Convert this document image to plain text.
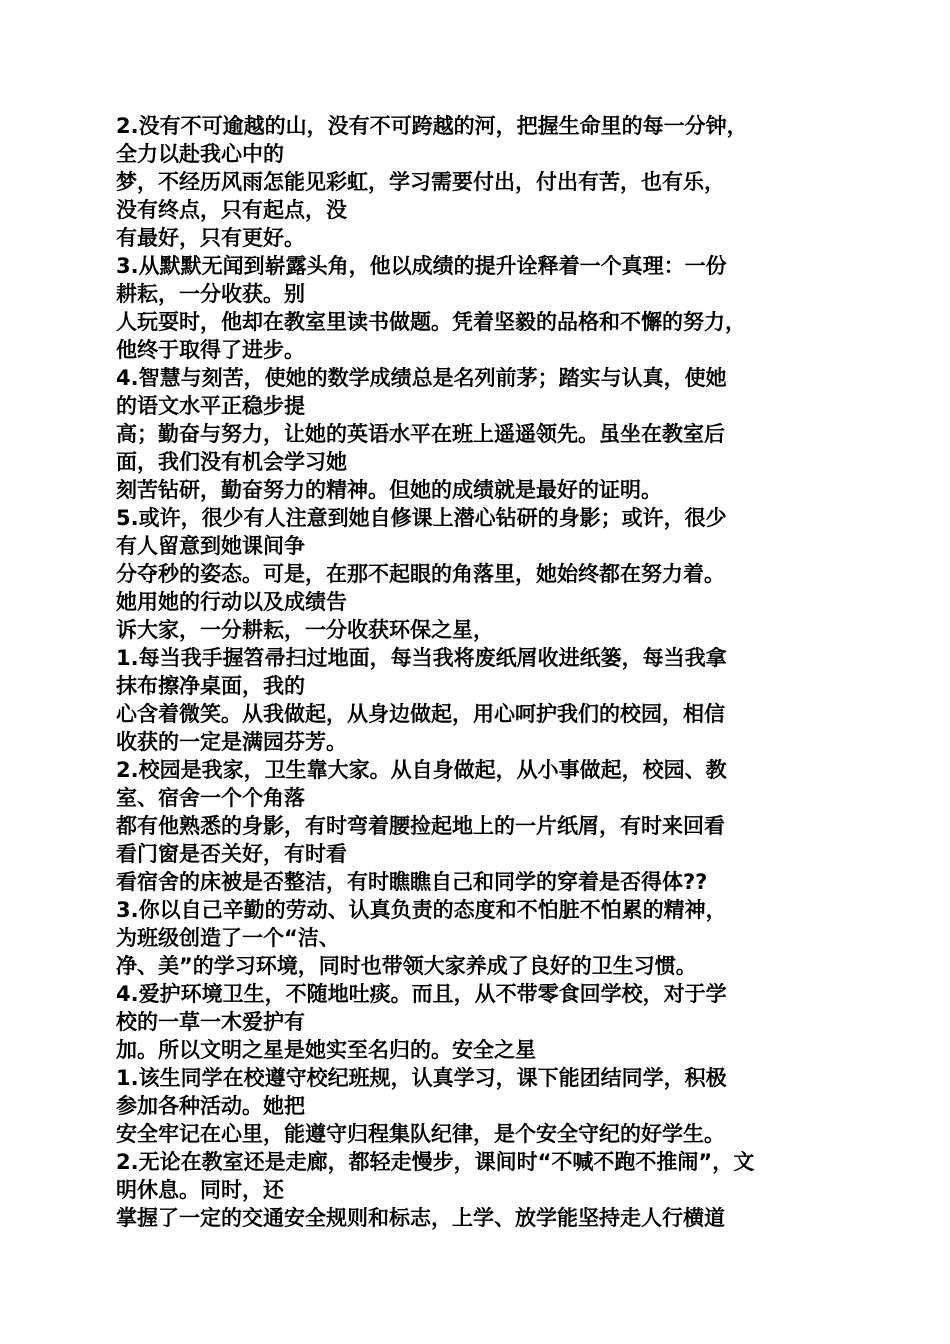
2.没有不可逾越的山，没有不可跨越的河，把握生命里的每一分钟，
全力以赴我心中的
梦，不经历风雨怎能见彩虹，学习需要付出，付出有苦，也有乐，
没有终点，只有起点，没
有最好，只有更好。
3.从默默无闻到崭露头角，他以成绩的提升诠释着一个真理：一份
耕耘，一分收获。别
人玩耍时，他却在教室里读书做题。凭着坚毅的品格和不懈的努力，
他终于取得了进步。
4.智慧与刻苦，使她的数学成绩总是名列前茅；踏实与认真，使她
的语文水平正稳步提
高；勤奋与努力，让她的英语水平在班上遥遥领先。虽坐在教室后
面，我们没有机会学习她
刻苦钻研，勤奋努力的精神。但她的成绩就是最好的证明。
5.或许，很少有人注意到她自修课上潜心钻研的身影；或许，很少
有人留意到她课间争
分夺秒的姿态。可是，在那不起眼的角落里，她始终都在努力着。
她用她的行动以及成绩告
诉大家，一分耕耘，一分收获环保之星，
1.每当我手握笤帚扫过地面，每当我将废纸屑收进纸篓，每当我拿
抹布擦净桌面，我的
心含着微笑。从我做起，从身边做起，用心呵护我们的校园，相信
收获的一定是满园芬芳。
2.校园是我家，卫生靠大家。从自身做起，从小事做起，校园、教
室、宿舍一个个角落
都有他熟悉的身影，有时弯着腰捡起地上的一片纸屑，有时来回看
看门窗是否关好，有时看
看宿舍的床被是否整洁，有时瞧瞧自己和同学的穿着是否得体??
3.你以自己辛勤的劳动、认真负责的态度和不怕脏不怕累的精神，
为班级创造了一个“洁、
净、美”的学习环境，同时也带领大家养成了良好的卫生习惯。
4.爱护环境卫生，不随地吐痰。而且，从不带零食回学校，对于学
校的一草一木爱护有
加。所以文明之星是她实至名归的。安全之星
1.该生同学在校遵守校纪班规，认真学习，课下能团结同学，积极
参加各种活动。她把
安全牢记在心里，能遵守归程集队纪律，是个安全守纪的好学生。
2.无论在教室还是走廊，都轻走慢步，课间时“不喊不跑不推闹”，文
明休息。同时，还
掌握了一定的交通安全规则和标志，上学、放学能坚持走人行横道
